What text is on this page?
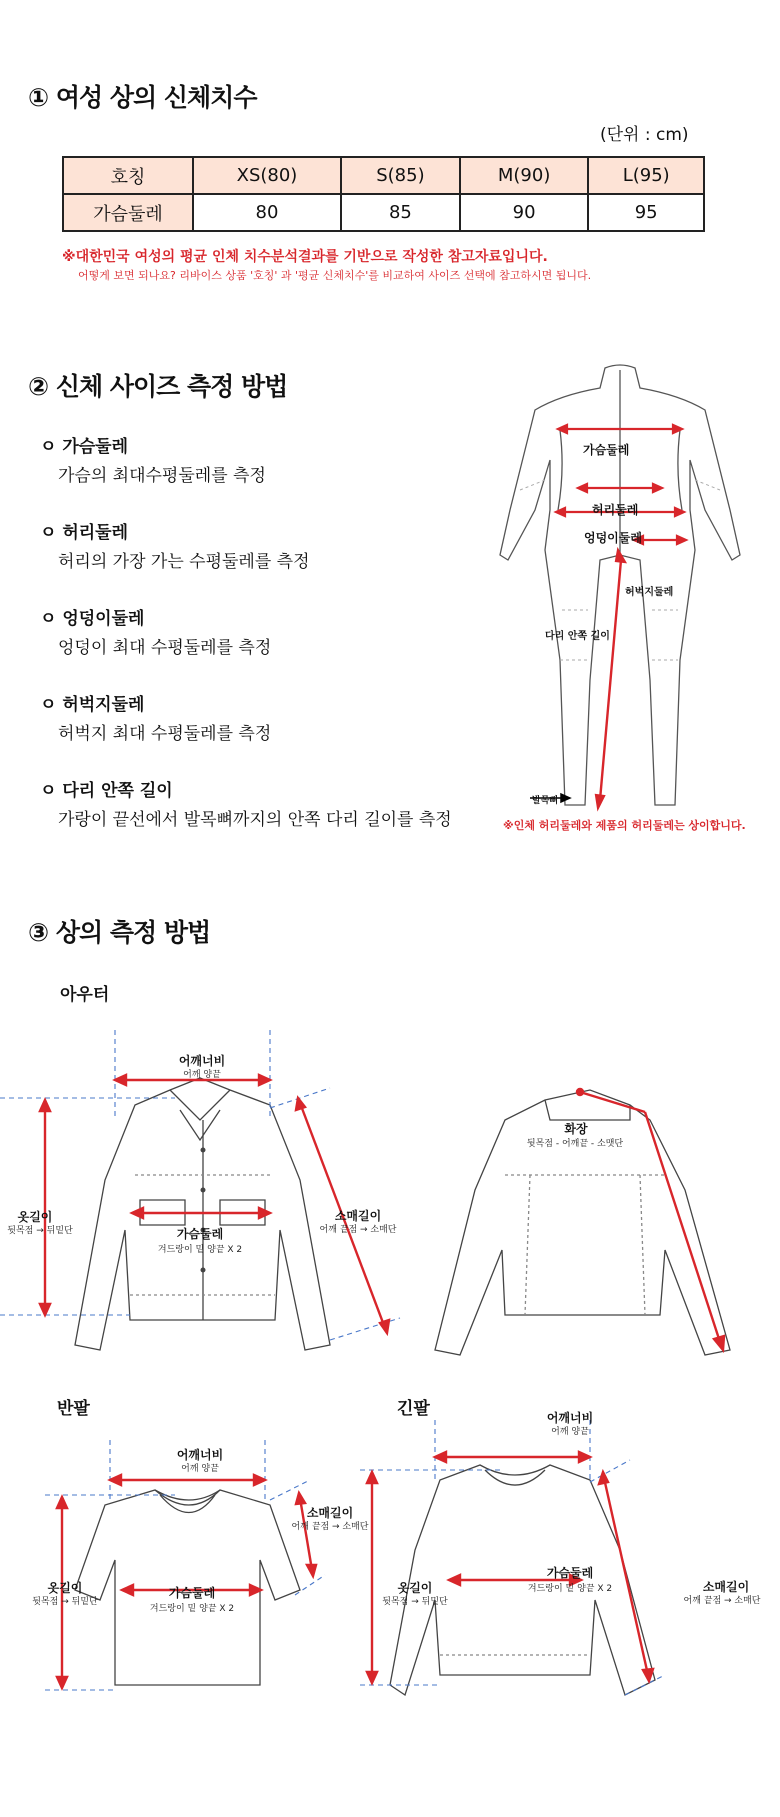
① 여성 상의 신체치수
(단위 : cm)
호칭	XS(80)	S(85)	M(90)	L(95)
가슴둘레	80	85	90	95
※대한민국 여성의 평균 인체 치수분석결과를 기반으로 작성한 참고자료입니다.
어떻게 보면 되나요? 리바이스 상품 '호칭' 과 '평균 신체치수'를 비교하여 사이즈 선택에 참고하시면 됩니다.
② 신체 사이즈 측정 방법
ㅇ 가슴둘레
가슴의 최대수평둘레를 측정
ㅇ 허리둘레
허리의 가장 가는 수평둘레를 측정
ㅇ 엉덩이둘레
엉덩이 최대 수평둘레를 측정
ㅇ 허벅지둘레
허벅지 최대 수평둘레를 측정
ㅇ 다리 안쪽 길이
가랑이 끝선에서 발목뼈까지의 안쪽 다리 길이를 측정
가슴둘레
허리둘레
엉덩이둘레
허벅지둘레
다리 안쪽 길이
발목뼈
※인체 허리둘레와 제품의 허리둘레는 상이합니다.
③ 상의 측정 방법
아우터
어깨너비
어깨 양끝
옷길이
뒷목점 → 뒤밑단	가슴둘레
겨드랑이 밑 양끝 X 2
소매길이
어깨 끝점 → 소매단
화장
뒷목점 - 어깨끝 - 소맷단
반팔
어깨너비
어깨 양끝
옷길이
뒷목점 → 뒤밑단
가슴둘레
겨드랑이 밑 양끝 X 2
소매길이
어깨 끝점 → 소매단
긴팔	어깨너비
어깨 양끝
옷길이
뒷목점 → 뒤밑단
가슴둘레
겨드랑이 밑 양끝 X 2	소매길이
어깨 끝점 → 소매단
